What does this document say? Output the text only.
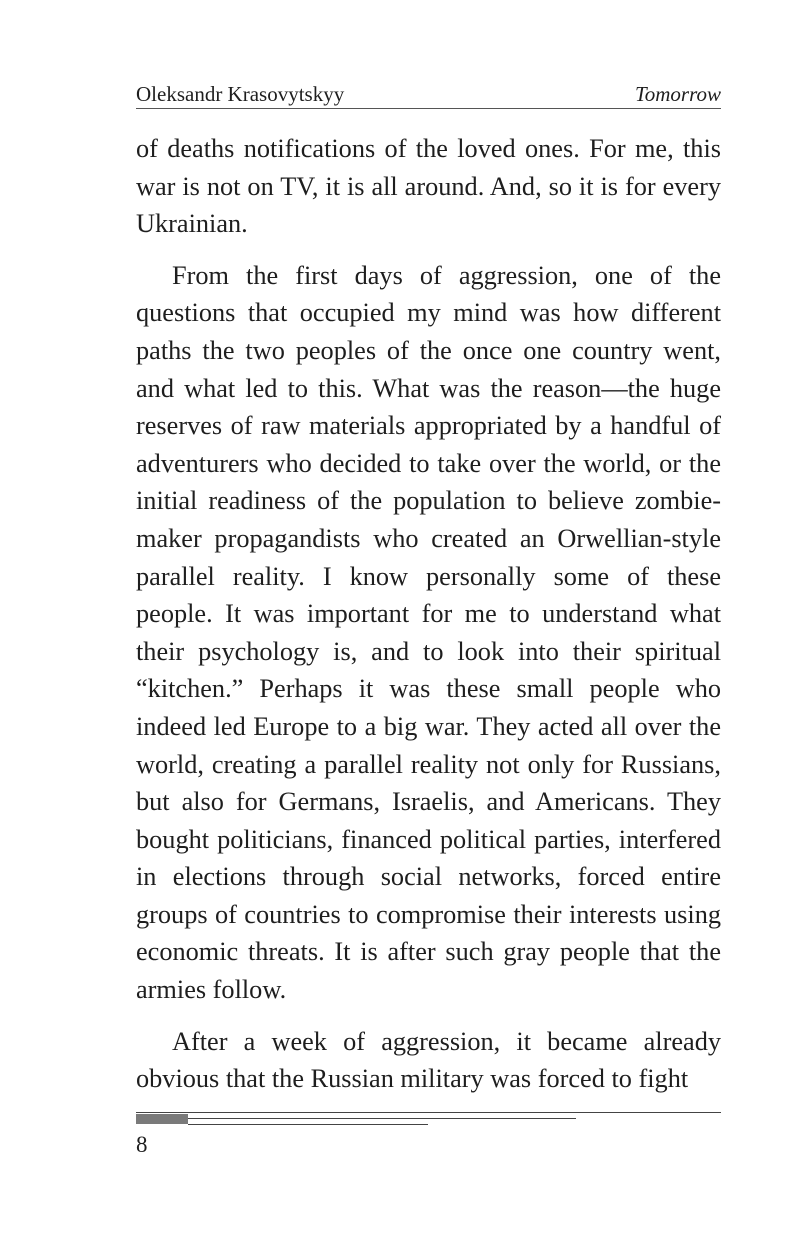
Oleksandr Krasovytskyy	Tomorrow

of deaths notifications of the loved ones. For me, this war is not on TV, it is all around. And, so it is for every Ukrainian.

From the first days of aggression, one of the questions that occupied my mind was how different paths the two peoples of the once one country went, and what led to this. What was the reason—the huge reserves of raw materials appropriated by a handful of adventurers who decided to take over the world, or the initial readiness of the population to believe zombie-maker propagandists who created an Orwellian-style parallel reality. I know personally some of these people. It was important for me to understand what their psychology is, and to look into their spiritual “kitchen.” Perhaps it was these small people who indeed led Europe to a big war. They acted all over the world, creating a parallel reality not only for Russians, but also for Germans, Israelis, and Americans. They bought politicians, financed political parties, interfered in elections through social networks, forced entire groups of countries to compromise their interests using economic threats. It is after such gray people that the armies follow.

After a week of aggression, it became already obvious that the Russian military was forced to fight

8
